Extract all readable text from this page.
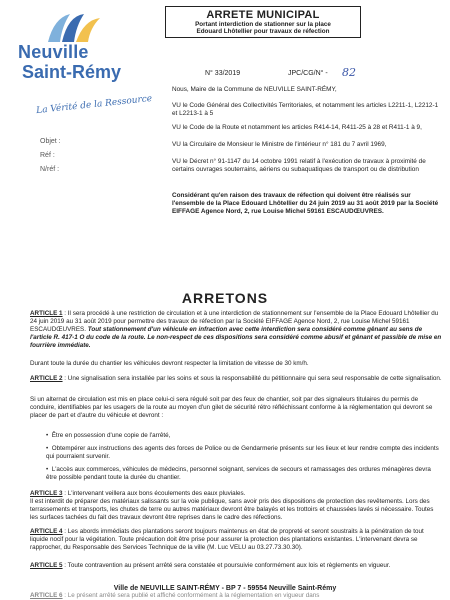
Neuville
Saint-Rémy
La Vérité de la Ressource
Objet :
Réf :
N/réf :
ARRETE MUNICIPAL
Portant interdiction de stationner sur la place
Edouard Lhôtellier pour travaux de réfection
N° 33/2019	JPC/CG/N° - 82
Nous, Maire de la Commune de NEUVILLE SAINT-RÉMY,
VU le Code Général des Collectivités Territoriales, et notamment les articles L2211-1, L2212-1 et L2213-1 à 5
VU le Code de la Route et notamment les articles R414-14, R411-25 à 28 et R411-1 à 9,
VU la Circulaire de Monsieur le Ministre de l'intérieur n° 181 du 7 avril 1969,
VU le Décret n° 91-1147 du 14 octobre 1991 relatif à l'exécution de travaux à proximité de certains ouvrages souterrains, aériens ou subaquatiques de transport ou de distribution
Considérant qu'en raison des travaux de réfection qui doivent être réalisés sur l'ensemble de la Place Edouard Lhôtellier du 24 juin 2019 au 31 août 2019 par la Société EIFFAGE Agence Nord, 2, rue Louise Michel 59161 ESCAUDŒUVRES.
ARRETONS
ARTICLE 1 : Il sera procédé à une restriction de circulation et à une interdiction de stationnement sur l'ensemble de la Place Edouard Lhôtellier du 24 juin 2019 au 31 août 2019 pour permettre des travaux de réfection par la Société EIFFAGE Agence Nord, 2, rue Louise Michel 59161 ESCAUDŒUVRES. Tout stationnement d'un véhicule en infraction avec cette interdiction sera considéré comme gênant au sens de l'article R. 417-1 O du code de la route. Le non-respect de ces dispositions sera considéré comme abusif et gênant et passible de mise en fourrière immédiate.
Durant toute la durée du chantier les véhicules devront respecter la limitation de vitesse de 30 km/h.
ARTICLE 2 : Une signalisation sera installée par les soins et sous la responsabilité du pétitionnaire qui sera seul responsable de cette signalisation.
Si un alternat de circulation est mis en place celui-ci sera régulé soit par des feux de chantier, soit par des signaleurs titulaires du permis de conduire, identifiables par les usagers de la route au moyen d'un gilet de sécurité rétro réfléchissant conforme à la réglementation qui devront se placer de part et d'autre du véhicule et devront :
•  Être en possession d'une copie de l'arrêté,
•  Obtempérer aux instructions des agents des forces de Police ou de Gendarmerie présents sur les lieux et leur rendre compte des incidents qui pourraient survenir.
•  L'accès aux commerces, véhicules de médecins, personnel soignant, services de secours et ramassages des ordures ménagères devra être possible pendant toute la durée du chantier.
ARTICLE 3 : L'intervenant veillera aux bons écoulements des eaux pluviales.
Il est interdit de préparer des matériaux salissants sur la voie publique, sans avoir pris des dispositions de protection des revêtements. Lors des terrassements et transports, les chutes de terre ou autres matériaux devront être balayés et les trottoirs et chaussées lavés si nécessaire. Toutes les surfaces tachées du fait des travaux devront être reprises dans le cadre des réfections.
ARTICLE 4 : Les abords immédiats des plantations seront toujours maintenus en état de propreté et seront soustraits à la pénétration de tout liquide nocif pour la végétation. Toute précaution doit être prise pour assurer la protection des plantations existantes. L'intervenant devra se rapprocher, du Responsable des Services Technique de la ville (M. Luc VELU au 03.27.73.30.30).
ARTICLE 5 : Toute contravention au présent arrêté sera constatée et poursuivie conformément aux lois et règlements en vigueur.
Ville de NEUVILLE SAINT-RÉMY - BP 7 - 59554 Neuville Saint-Rémy
ARTICLE 6 : Le présent arrêté sera publié et affiché conformément à la réglementation en vigueur dans
